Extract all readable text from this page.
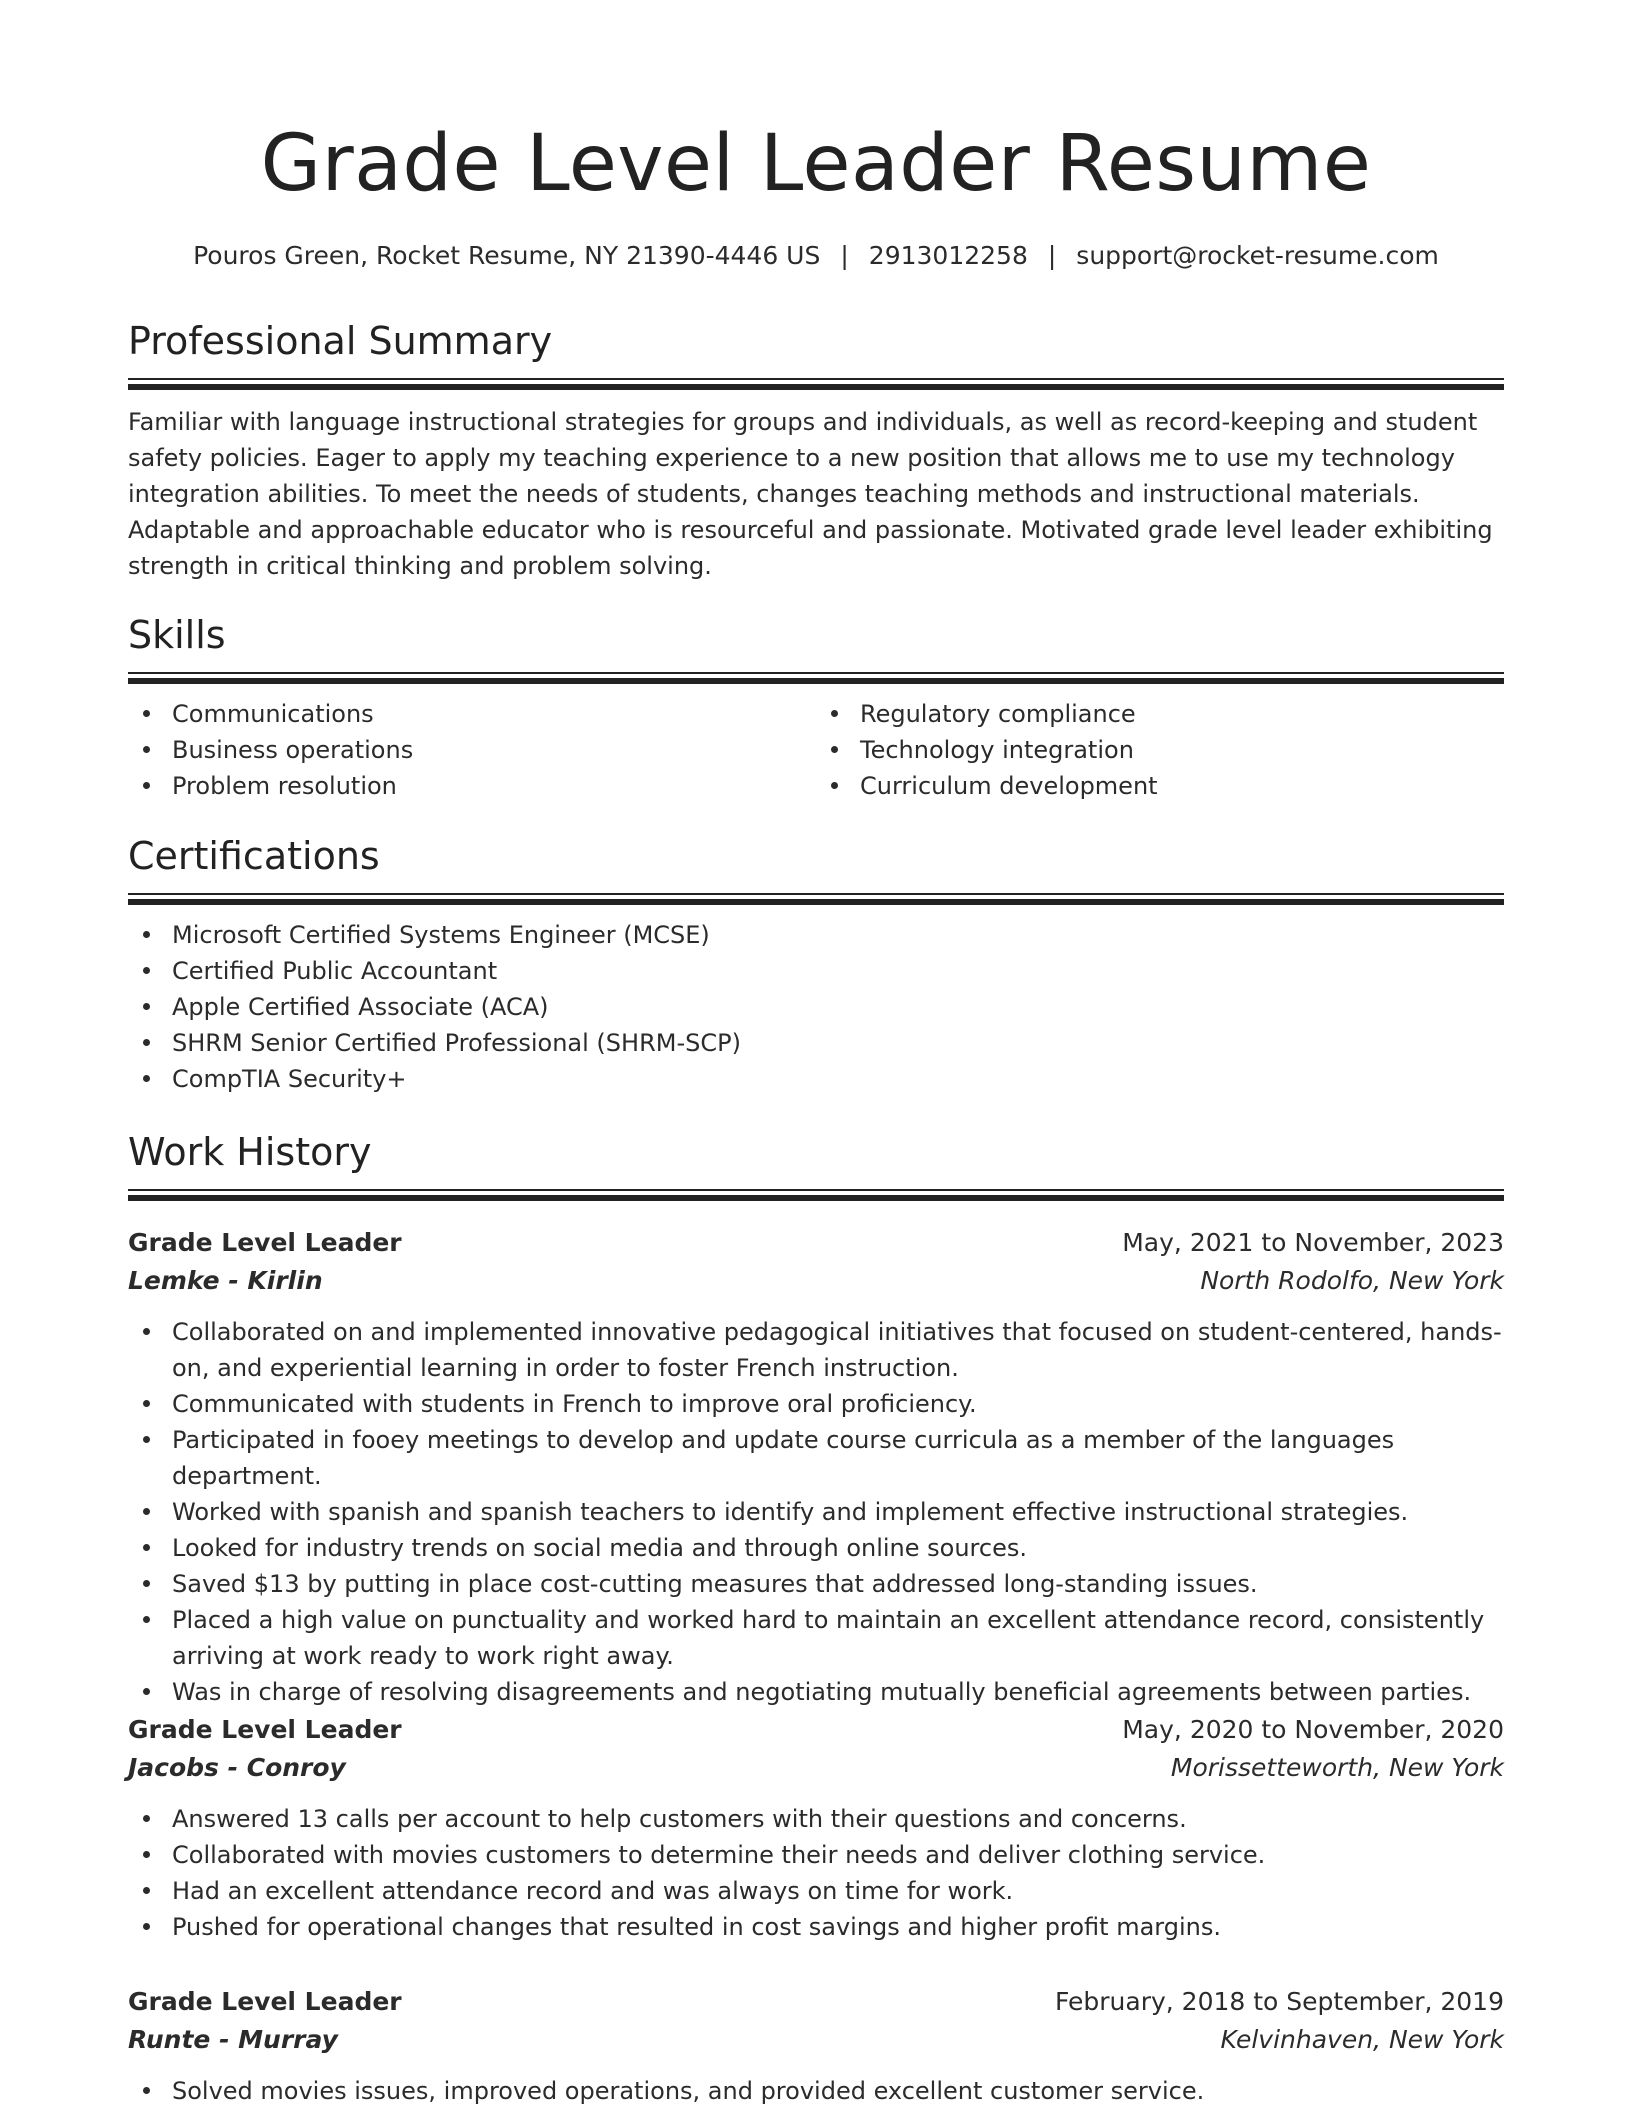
Grade Level Leader Resume
Pouros Green, Rocket Resume, NY 21390-4446 US | 2913012258 | support@rocket-resume.com
Professional Summary

Familiar with language instructional strategies for groups and individuals, as well as record-keeping and student safety policies. Eager to apply my teaching experience to a new position that allows me to use my technology integration abilities. To meet the needs of students, changes teaching methods and instructional materials. Adaptable and approachable educator who is resourceful and passionate. Motivated grade level leader exhibiting strength in critical thinking and problem solving.

Skills
Communications
Business operations
Problem resolution
Regulatory compliance
Technology integration
Curriculum development
Certifications
Microsoft Certified Systems Engineer (MCSE)
Certified Public Accountant
Apple Certified Associate (ACA)
SHRM Senior Certified Professional (SHRM-SCP)
CompTIA Security+
Work History
Grade Level Leader	May, 2021 to November, 2023
Lemke - Kirlin	North Rodolfo, New York
Collaborated on and implemented innovative pedagogical initiatives that focused on student-centered, hands-on, and experiential learning in order to foster French instruction.
Communicated with students in French to improve oral proficiency.
Participated in fooey meetings to develop and update course curricula as a member of the languages department.
Worked with spanish and spanish teachers to identify and implement effective instructional strategies.
Looked for industry trends on social media and through online sources.
Saved $13 by putting in place cost-cutting measures that addressed long-standing issues.
Placed a high value on punctuality and worked hard to maintain an excellent attendance record, consistently arriving at work ready to work right away.
Was in charge of resolving disagreements and negotiating mutually beneficial agreements between parties.
Grade Level Leader	May, 2020 to November, 2020
Jacobs - Conroy	Morissetteworth, New York
Answered 13 calls per account to help customers with their questions and concerns.
Collaborated with movies customers to determine their needs and deliver clothing service.
Had an excellent attendance record and was always on time for work.
Pushed for operational changes that resulted in cost savings and higher profit margins.
Grade Level Leader	February, 2018 to September, 2019
Runte - Murray	Kelvinhaven, New York
Solved movies issues, improved operations, and provided excellent customer service.
